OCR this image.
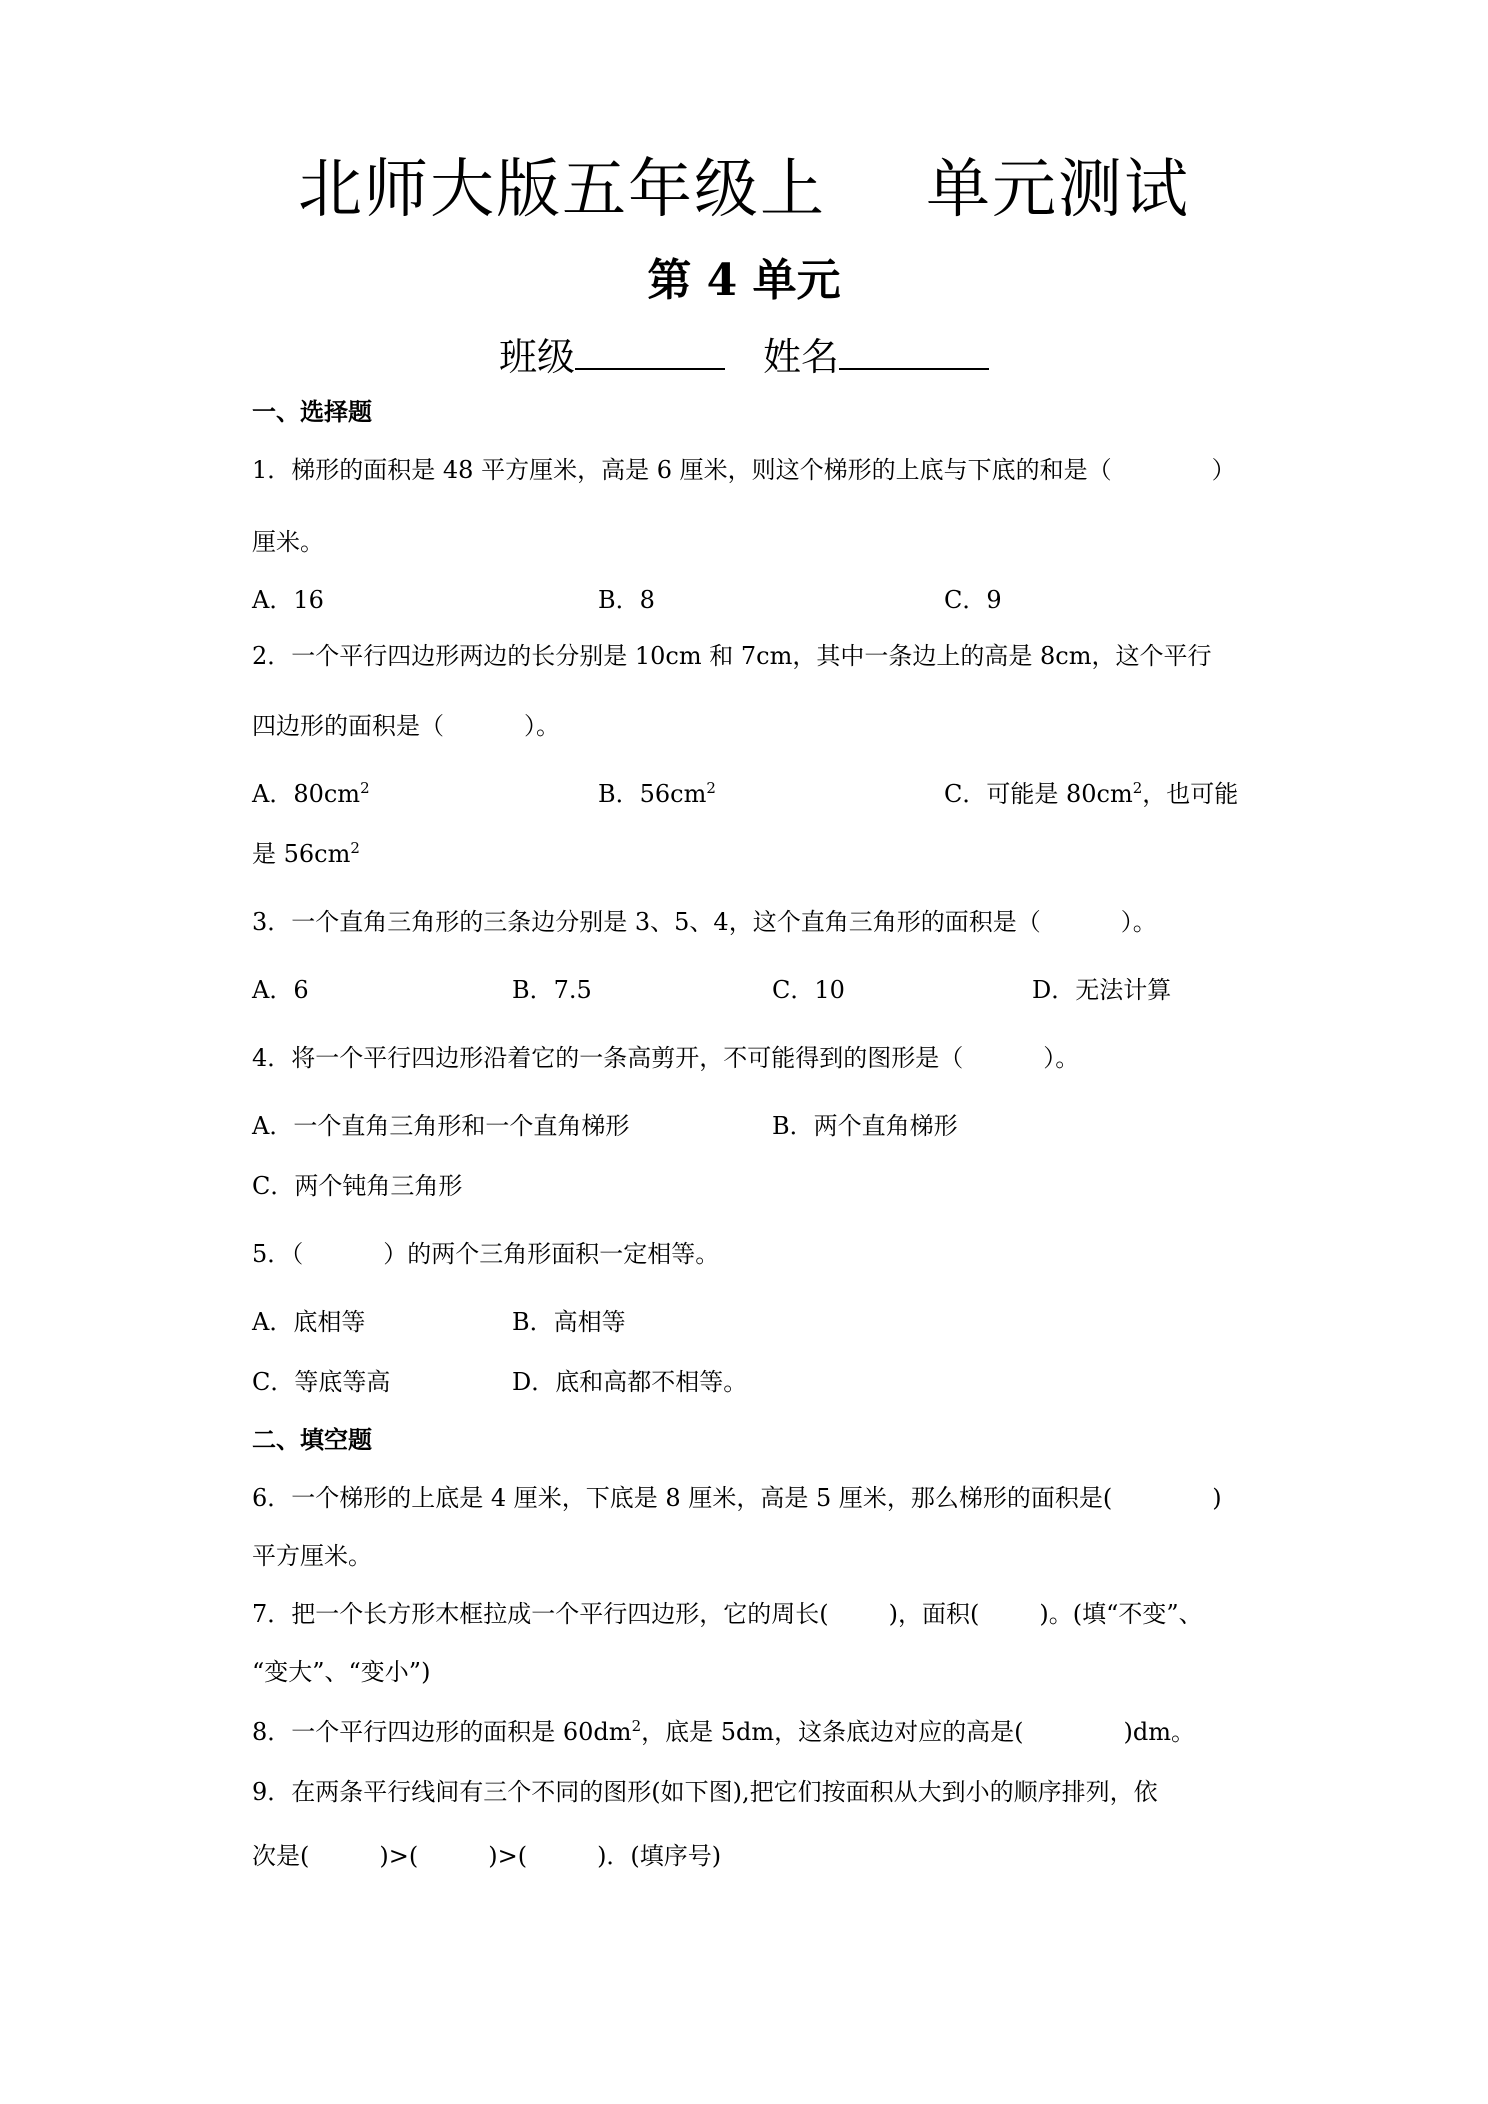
北师大版五年级上 单元测试
第 4 单元
班级	姓名
一、选择题
1．梯形的面积是 48 平方厘米，高是 6 厘米，则这个梯形的上底与下底的和是（	）
厘米。
A．16	B．8	C．9
2．一个平行四边形两边的长分别是 10cm 和 7cm，其中一条边上的高是 8cm，这个平行
四边形的面积是（	）。
A．$80cm^2$	B．$56cm^2$	C．可能是 $80cm^2$，也可能
是 $56cm^2$
3．一个直角三角形的三条边分别是 3、5、4，这个直角三角形的面积是（	）。
A．6	B．7.5	C．10	D．无法计算
4．将一个平行四边形沿着它的一条高剪开，不可能得到的图形是（	）。
A．一个直角三角形和一个直角梯形	B．两个直角梯形
C．两个钝角三角形
5．（	）的两个三角形面积一定相等。
A．底相等	B．高相等
C．等底等高	D．底和高都不相等。
二、填空题
6．一个梯形的上底是 4 厘米，下底是 8 厘米，高是 5 厘米，那么梯形的面积是(	)
平方厘米。
7．把一个长方形木框拉成一个平行四边形，它的周长(	)，面积(	)。(填“不变”、
“变大”、“变小”)
8．一个平行四边形的面积是 $60dm^2$，底是 5dm，这条底边对应的高是(	)dm。
9．在两条平行线间有三个不同的图形(如下图),把它们按面积从大到小的顺序排列，依
次是(	)>(	)>(	)．(填序号)
